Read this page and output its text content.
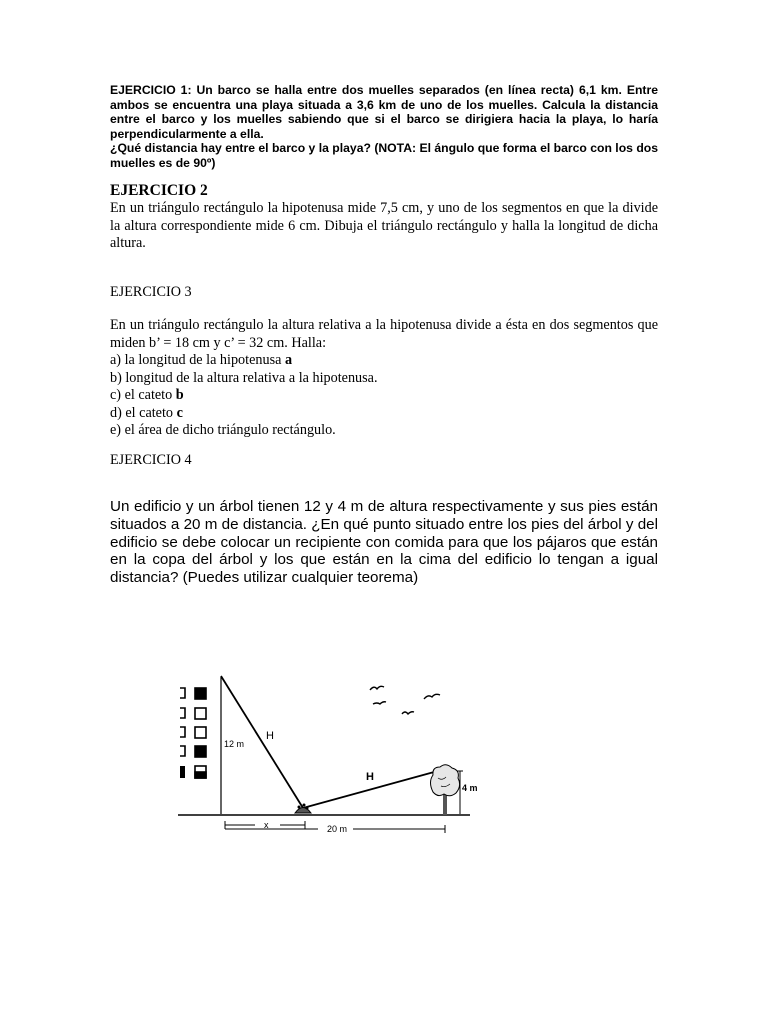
EJERCICIO 1: Un barco se halla entre dos muelles separados (en línea recta) 6,1 km. Entre ambos se encuentra una playa situada a 3,6 km de uno de los muelles. Calcula la distancia entre el barco y los muelles sabiendo que si el barco se dirigiera hacia la playa, lo haría perpendicularmente a ella.

¿Qué distancia hay entre el barco y la playa? (NOTA: El ángulo que forma el barco con los dos muelles es de 90º)

EJERCICIO 2

En un triángulo rectángulo la hipotenusa mide 7,5 cm, y uno de los segmentos en que la divide la altura correspondiente mide 6 cm. Dibuja el triángulo rectángulo y halla la longitud de dicha altura.

EJERCICIO 3

En un triángulo rectángulo la altura relativa a la hipotenusa divide a ésta en dos segmentos que miden b’ = 18 cm y c’ = 32 cm. Halla:

a) la longitud de la hipotenusa a
b) longitud de la altura relativa a la hipotenusa.
c) el cateto b
d) el cateto c
e) el área de dicho triángulo rectángulo.
EJERCICIO 4

Un edificio y un árbol tienen 12 y 4 m de altura respectivamente y sus pies están situados a 20 m de distancia. ¿En qué punto situado entre los pies del árbol y del edificio se debe colocar un recipiente con comida para que los pájaros que están en la copa del árbol y los que están en la cima del edificio lo tengan a igual distancia? (Puedes utilizar cualquier teorema)

12 m
H
H
4 m
x	20 m
